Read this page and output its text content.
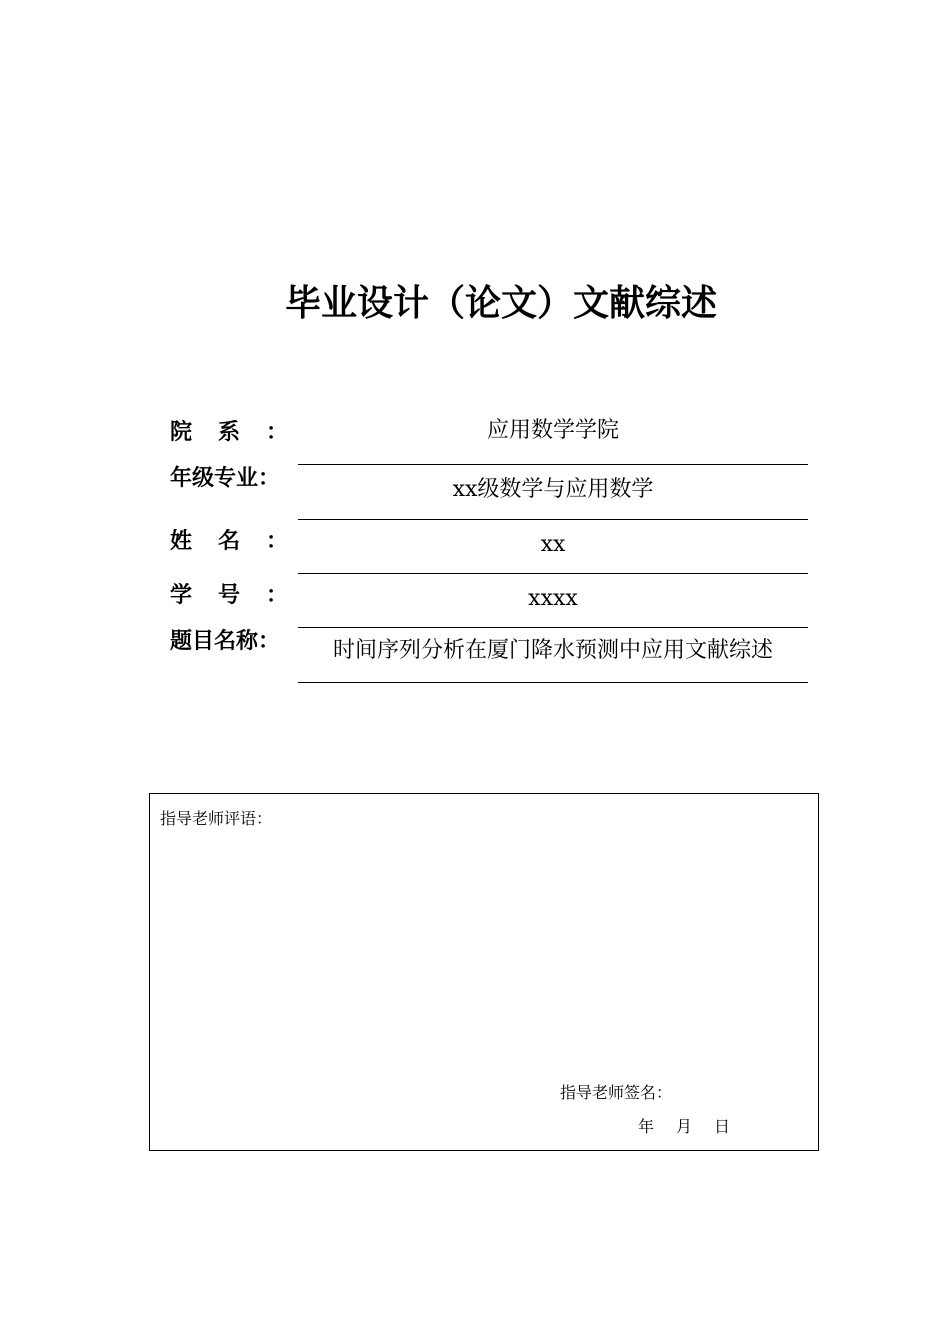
毕业设计（论文）文献综述
院系：	应用数学学院
年级专业：	xx级数学与应用数学
姓名：	xx
学号：	xxxx
题目名称：	时间序列分析在厦门降水预测中应用文献综述
指导老师评语：
指导老师签名：
年 月 日
